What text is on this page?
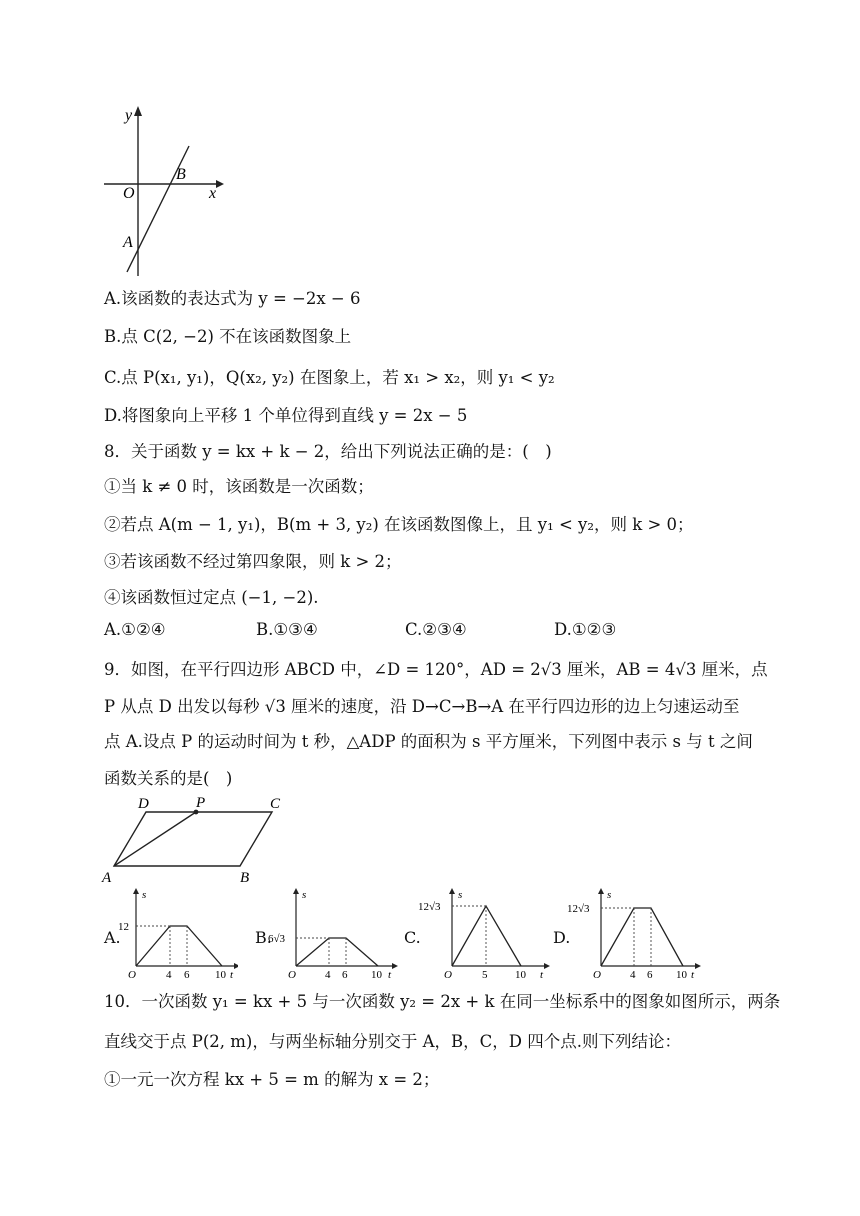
y
x
O
A
B
A.该函数的表达式为 y = −2x − 6
B.点 C(2, −2) 不在该函数图象上
C.点 P(x₁, y₁)，Q(x₂, y₂) 在图象上，若 x₁ > x₂，则 y₁ < y₂
D.将图象向上平移 1 个单位得到直线 y = 2x − 5
8．关于函数 y = kx + k − 2，给出下列说法正确的是：(　)
①当 k ≠ 0 时，该函数是一次函数；
②若点 A(m − 1, y₁)，B(m + 3, y₂) 在该函数图像上，且 y₁ < y₂，则 k > 0；
③若该函数不经过第四象限，则 k > 2；
④该函数恒过定点 (−1, −2).
A.①②④	B.①③④	C.②③④	D.①②③
9．如图，在平行四边形 ABCD 中，∠D = 120°，AD = 2√3 厘米，AB = 4√3 厘米，点
P 从点 D 出发以每秒 √3 厘米的速度，沿 D→C→B→A 在平行四边形的边上匀速运动至
点 A.设点 P 的运动时间为 t 秒，△ADP 的面积为 s 平方厘米，下列图中表示 s 与 t 之间
函数关系的是(　)
D	P	C
A	B
A.
s
t
O
12
4 6 10
B.
s
t
O
6√3
4 6 10
C.
s
t
O
12√3
5	10
D.
s
t
O
12√3
4 6 10
10．一次函数 y₁ = kx + 5 与一次函数 y₂ = 2x + k 在同一坐标系中的图象如图所示，两条
直线交于点 P(2, m)，与两坐标轴分别交于 A，B，C，D 四个点.则下列结论：
①一元一次方程 kx + 5 = m 的解为 x = 2；
